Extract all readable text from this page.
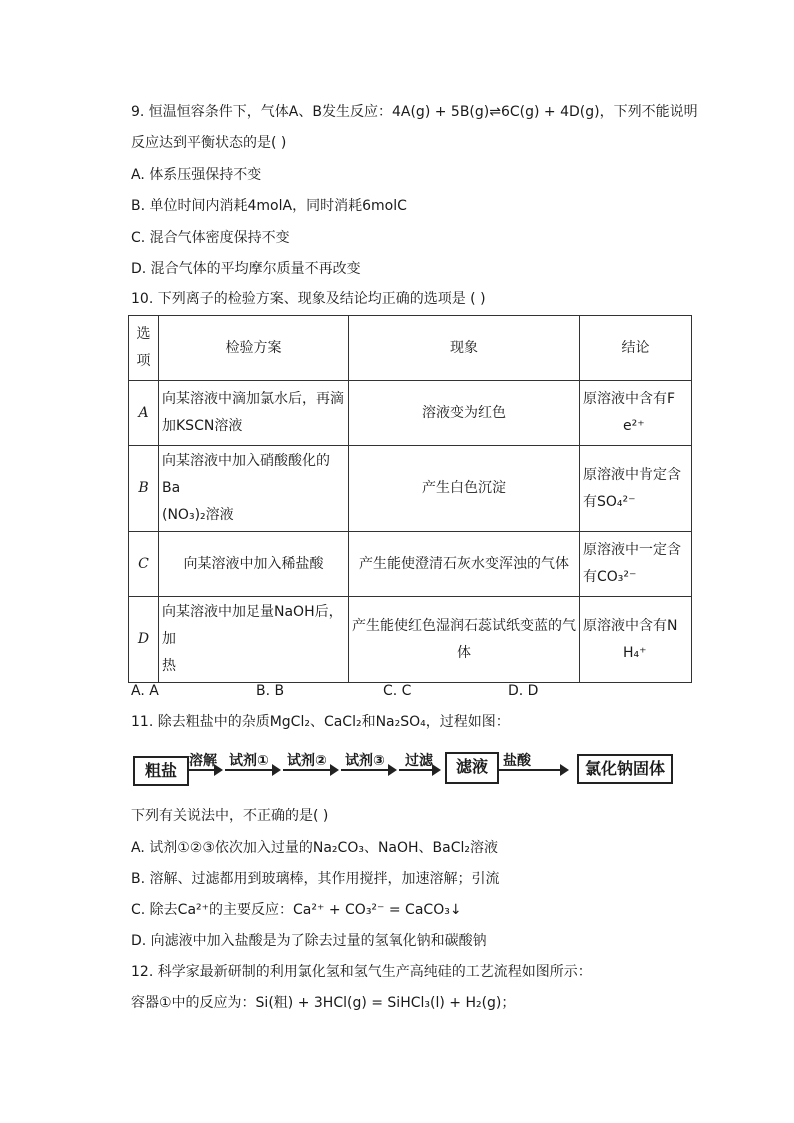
9. 恒温恒容条件下，气体A、B发生反应：4A(g) + 5B(g)⇌6C(g) + 4D(g)，下列不能说明
反应达到平衡状态的是( )
A. 体系压强保持不变
B. 单位时间内消耗4molA，同时消耗6molC
C. 混合气体密度保持不变
D. 混合气体的平均摩尔质量不再改变
10. 下列离子的检验方案、现象及结论均正确的选项是 ( )
选
项	检验方案	现象	结论
A	向某溶液中滴加氯水后，再滴
加KSCN溶液	溶液变为红色	原溶液中含有F
e²⁺
B	向某溶液中加入硝酸酸化的Ba
(NO₃)₂溶液	产生白色沉淀	原溶液中肯定含
有SO₄²⁻
C	向某溶液中加入稀盐酸	产生能使澄清石灰水变浑浊的气体	原溶液中一定含
有CO₃²⁻
D	向某溶液中加足量NaOH后，加
热	产生能使红色湿润石蕊试纸变蓝的气
体	原溶液中含有N
H₄⁺
A. A	B. B	C. C	D. D
11. 除去粗盐中的杂质MgCl₂、CaCl₂和Na₂SO₄，过程如图：
粗盐 溶解 试剂① 试剂② 试剂③ 过滤	滤液	盐酸	氯化钠固体
下列有关说法中，不正确的是( )
A. 试剂①②③依次加入过量的Na₂CO₃、NaOH、BaCl₂溶液
B. 溶解、过滤都用到玻璃棒，其作用搅拌，加速溶解；引流
C. 除去Ca²⁺的主要反应：Ca²⁺ + CO₃²⁻ = CaCO₃↓
D. 向滤液中加入盐酸是为了除去过量的氢氧化钠和碳酸钠
12. 科学家最新研制的利用氯化氢和氢气生产高纯硅的工艺流程如图所示：
容器①中的反应为：Si(粗) + 3HCl(g) = SiHCl₃(l) + H₂(g)；
